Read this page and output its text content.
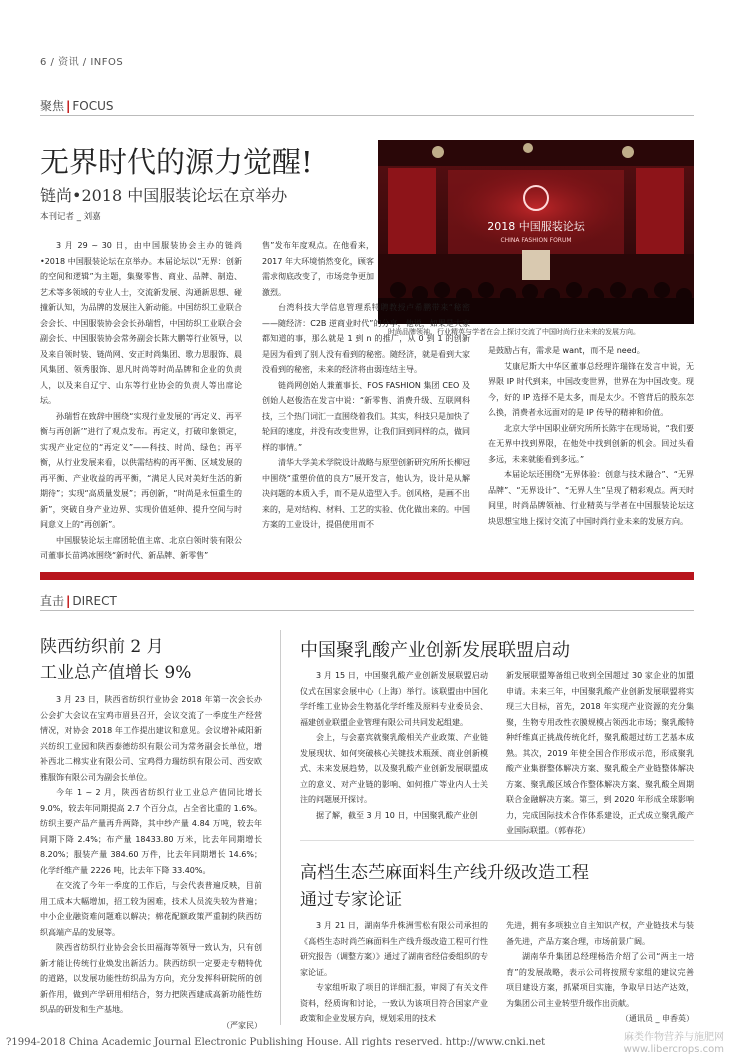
6 / 资讯 / INFOS
聚焦 | FOCUS
无界时代的源力觉醒!
链尚•2018 中国服装论坛在京举办
本刊记者 _ 刘嘉
2018 中国服装论坛
CHINA FASHION FORUM
时尚品牌领袖、行业精英与学者在会上探讨交流了中国时尚行业未来的发展方向。

3 月 29 ~ 30 日，由中国服装协会主办的链尚•2018 中国服装论坛在京举办。本届论坛以“无界：创新的空间和逻辑”为主题，集聚零售、商业、品牌、制造、艺术等多领域的专业人士，交流新发展、沟通新思想、碰撞新认知，为品牌的发展注入新动能。中国纺织工业联合会会长、中国服装协会会长孙瑞哲，中国纺织工业联合会副会长、中国服装协会常务副会长陈大鹏等行业领导，以及来自领时装、链尚网、安正时尚集团、歌力思服饰、晨风集团、领秀服饰、恩凡时尚等时尚品牌和企业的负责人，以及来自辽宁、山东等行业协会的负责人等出席论坛。

孙瑞哲在致辞中围绕“实现行业发展的‘再定义、再平衡与再创新’”进行了观点发布。再定义，打破印象锁定，实现产业定位的“再定义”——科技、时尚、绿色；再平衡，从行业发展来看，以供需结构的再平衡、区域发展的再平衡、产业收益的再平衡，“满足人民对美好生活的新期待”；实现“高质量发展”；再创新，“时尚是永恒重生的新”，突破自身产业边界、实现价值延伸、提升空间与时间意义上的“再创新”。

中国服装论坛主席团轮值主席、北京白领时装有限公司董事长苗鸿冰围绕“新时代、新品牌、新零售”

售”发布年度观点。在他看来，2017 年大环境悄然变化，顾客需求彻底改变了，市场竞争更加激烈。

台湾科技大学信息管理系特聘教授卢希鹏带来“秘密——随经济：C2B 逆商业时代”的分享，他说，如果是大家都知道的事，那么就是 1 到 n 的推广，从 0 到 1 的创新是因为看到了别人没有看到的秘密。随经济，就是看到大家没看到的秘密，未来的经济将由弱连结主导。

链尚网创始人兼董事长、FOS FASHION 集团 CEO 及创始人赵俊浩在发言中说：“新零售、消费升级、互联网科技，三个热门词汇一直围绕着我们。其实，科技只是加快了轮回的速度，并没有改变世界，让我们回到同样的点，做同样的事情。”

清华大学美术学院设计战略与原型创新研究所所长柳冠中围绕“重塑价值的良方”展开发言，他认为，设计是从解决问题的本质入手，而不是从造型入手。创风格，是画不出来的，是对结构、材料、工艺的实验、优化做出来的。中国方案的工业设计，提倡使用而不

是鼓励占有，需求是 want，而不是 need。

艾康尼斯大中华区董事总经理许瑞锋在发言中说，无界限 IP 时代到来，中国改变世界，世界在为中国改变。现今，好的 IP 选择不是太多，而是太少。不管背后的股东怎么换，消费者永远面对的是 IP 传导的精神和价值。

北京大学中国职业研究所所长陈宇在现场说，“我们要在无界中找到界限，在他处中找到创新的机会。回过头看多远，未来就能看到多远。”

本届论坛还围绕“无界体验：创意与技术融合”、“无界品牌”、“无界设计”、“无界人生”呈现了精彩观点。两天时间里，时尚品牌领袖、行业精英与学者在中国服装论坛这块思想宝地上探讨交流了中国时尚行业未来的发展方向。

直击 | DIRECT
陕西纺织前 2 月
工业总产值增长 9%

3 月 23 日，陕西省纺织行业协会 2018 年第一次会长办公会扩大会议在宝鸡市眉县召开，会议交流了一季度生产经营情况，对协会 2018 年工作提出建议和意见。会议增补咸阳新兴纺织工业园和陕西泰德纺织有限公司为常务副会长单位，增补西北二棉实业有限公司、宝鸡得力瑞纺织有限公司、西安欧雅服饰有限公司为副会长单位。

今年 1 ~ 2 月，陕西省纺织行业工业总产值同比增长 9.0%，较去年同期提高 2.7 个百分点，占全省比重的 1.6%。纺织主要产品产量再升两降，其中纱产量 4.84 万吨，较去年同期下降 2.4%；布产量 18433.80 万米，比去年同期增长 8.20%；服装产量 384.60 万件，比去年同期增长 14.6%；化学纤维产量 2226 吨，比去年下降 33.40%。

在交流了今年一季度的工作后，与会代表普遍反映，目前用工成本大幅增加，招工较为困难，技术人员流失较为普遍；中小企业融资难问题难以解决；棉花配额政策严重制约陕西纺织高端产品的发展等。

陕西省纺织行业协会会长田福海等领导一致认为，只有创新才能让传统行业焕发出新活力。陕西纺织一定要走专精特优的道路，以发展功能性纺织品为方向，充分发挥科研院所的创新作用，做到产学研用相结合，努力把陕西建成高新功能性纺织品的研发和生产基地。

（严家民）
中国聚乳酸产业创新发展联盟启动

3 月 15 日，中国聚乳酸产业创新发展联盟启动仪式在国家会展中心（上海）举行。该联盟由中国化学纤维工业协会生物基化学纤维及原料专业委员会、福建创业联盟企业管理有限公司共同发起组建。

会上，与会嘉宾就聚乳酸相关产业政策、产业链发展现状、如何突破核心关键技术瓶颈、商业创新模式、未来发展趋势，以及聚乳酸产业创新发展联盟成立的意义、对产业链的影响、如何推广等业内人士关注的问题展开探讨。

据了解，截至 3 月 10 日，中国聚乳酸产业创

新发展联盟筹备组已收到全国超过 30 家企业的加盟申请。未来三年，中国聚乳酸产业创新发展联盟将实现三大目标，首先，2018 年实现产业资源的充分集聚，生物专用改性衣膜规模占领西北市场；聚乳酸特种纤维真正挑战传统化纤，聚乳酸超过纺工艺基本成熟。其次，2019 年使全国合作形成示范，形成聚乳酸产业集群整体解决方案、聚乳酸全产业链整体解决方案、聚乳酸区域合作整体解决方案、聚乳酸全周期联合金融解决方案。第三，到 2020 年形成全球影响力，完成国际技术合作体系建设，正式成立聚乳酸产业国际联盟。（郭春花）

高档生态苎麻面料生产线升级改造工程
通过专家论证

3 月 21 日，湖南华升株洲雪松有限公司承担的《高档生态时尚苎麻面料生产线升级改造工程可行性研究报告（调整方案）》通过了湖南省经信委组织的专家论证。

专家组听取了项目的详细汇报，审阅了有关文件资料，经质询和讨论，一致认为该项目符合国家产业政策和企业发展方向，规划采用的技术

先进，拥有多项独立自主知识产权，产业链技术与装备先进，产品方案合理，市场前景广阔。

湖南华升集团总经理杨浩介绍了公司“两主一培育”的发展战略，表示公司将按照专家组的建议完善项目建设方案，抓紧项目实施，争取早日达产达效，为集团公司主业转型升级作出贡献。

（通讯员 _ 申香英）
?1994-2018 China Academic Journal Electronic Publishing House. All rights reserved. http://www.cnki.net	麻类作物营养与施肥网
www.libercrops.com
